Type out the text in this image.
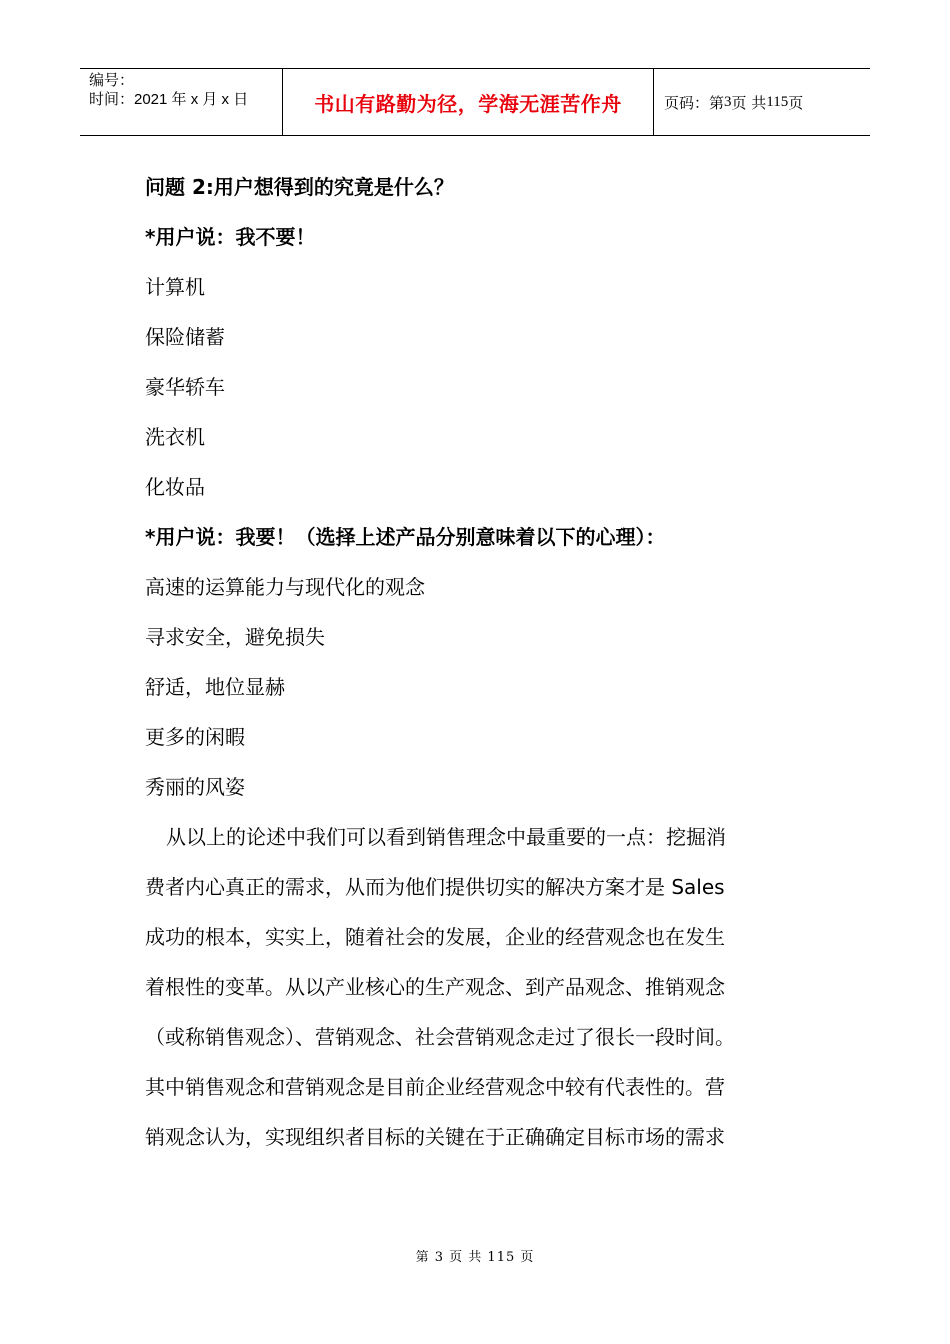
编号：
时间：2021 年 x 月 x 日	书山有路勤为径，学海无涯苦作舟	页码：第 3 页 共 115 页
问题 2:用户想得到的究竟是什么？
*用户说：我不要！
计算机
保险储蓄
豪华轿车
洗衣机
化妆品
*用户说：我要！（选择上述产品分别意味着以下的心理）：
高速的运算能力与现代化的观念
寻求安全，避免损失
舒适，地位显赫
更多的闲暇
秀丽的风姿
从以上的论述中我们可以看到销售理念中最重要的一点：挖掘消
费者内心真正的需求，从而为他们提供切实的解决方案才是 Sales
成功的根本，实实上，随着社会的发展，企业的经营观念也在发生
着根性的变革。从以产业核心的生产观念、到产品观念、推销观念
（或称销售观念）、营销观念、社会营销观念走过了很长一段时间。
其中销售观念和营销观念是目前企业经营观念中较有代表性的。营
销观念认为，实现组织者目标的关键在于正确确定目标市场的需求
第 3 页 共 115 页
